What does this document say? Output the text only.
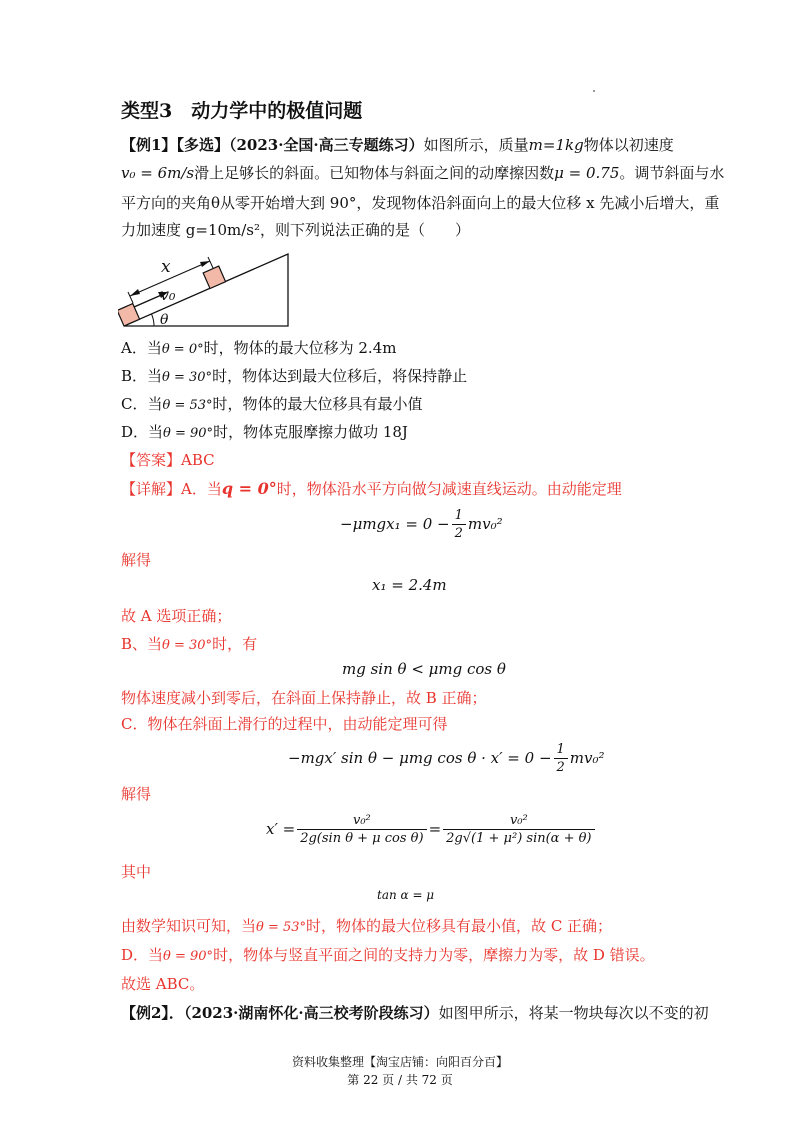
类型3　动力学中的极值问题
【例1】【多选】（2023·全国·高三专题练习）如图所示，质量m=1kg物体以初速度
v₀ = 6m/s滑上足够长的斜面。已知物体与斜面之间的动摩擦因数μ = 0.75。调节斜面与水
平方向的夹角θ从零开始增大到 90°，发现物体沿斜面向上的最大位移 x 先减小后增大，重
力加速度 g=10m/s²，则下列说法正确的是（　　）
x
v₀
θ
A．当θ = 0°时，物体的最大位移为 2.4m
B．当θ = 30°时，物体达到最大位移后，将保持静止
C．当θ = 53°时，物体的最大位移具有最小值
D．当θ = 90°时，物体克服摩擦力做功 18J
【答案】ABC
【详解】A．当q = 0°时，物体沿水平方向做匀减速直线运动。由动能定理
$-\mu mgx_1 = 0 - \frac{1}{2} mv_0^2$
解得
x₁ = 2.4m
故 A 选项正确；
B、当θ = 30°时，有
mg sin θ < μmg cos θ
物体速度减小到零后，在斜面上保持静止，故 B 正确；
C．物体在斜面上滑行的过程中，由动能定理可得
−mgx′ sin θ − μmg $\cos \theta \cdot x' = 0 - \frac{1}{2} mv_0^2$
解得
$x' = \frac{\text{v₀²}}{\text{2g(sin θ + μ cos θ)}} = \frac{\text{v₀²}}{\text{2g√(1 + μ²) sin(α + θ)}}$
其中
tan α = μ
由数学知识可知，当θ = 53°时，物体的最大位移具有最小值，故 C 正确；
D．当θ = 90°时，物体与竖直平面之间的支持力为零，摩擦力为零，故 D 错误。
故选 ABC。
【例2】．（2023·湖南怀化·高三校考阶段练习）如图甲所示，将某一物块每次以不变的初
资料收集整理【淘宝店铺：向阳百分百】
第 22 页 / 共 72 页
